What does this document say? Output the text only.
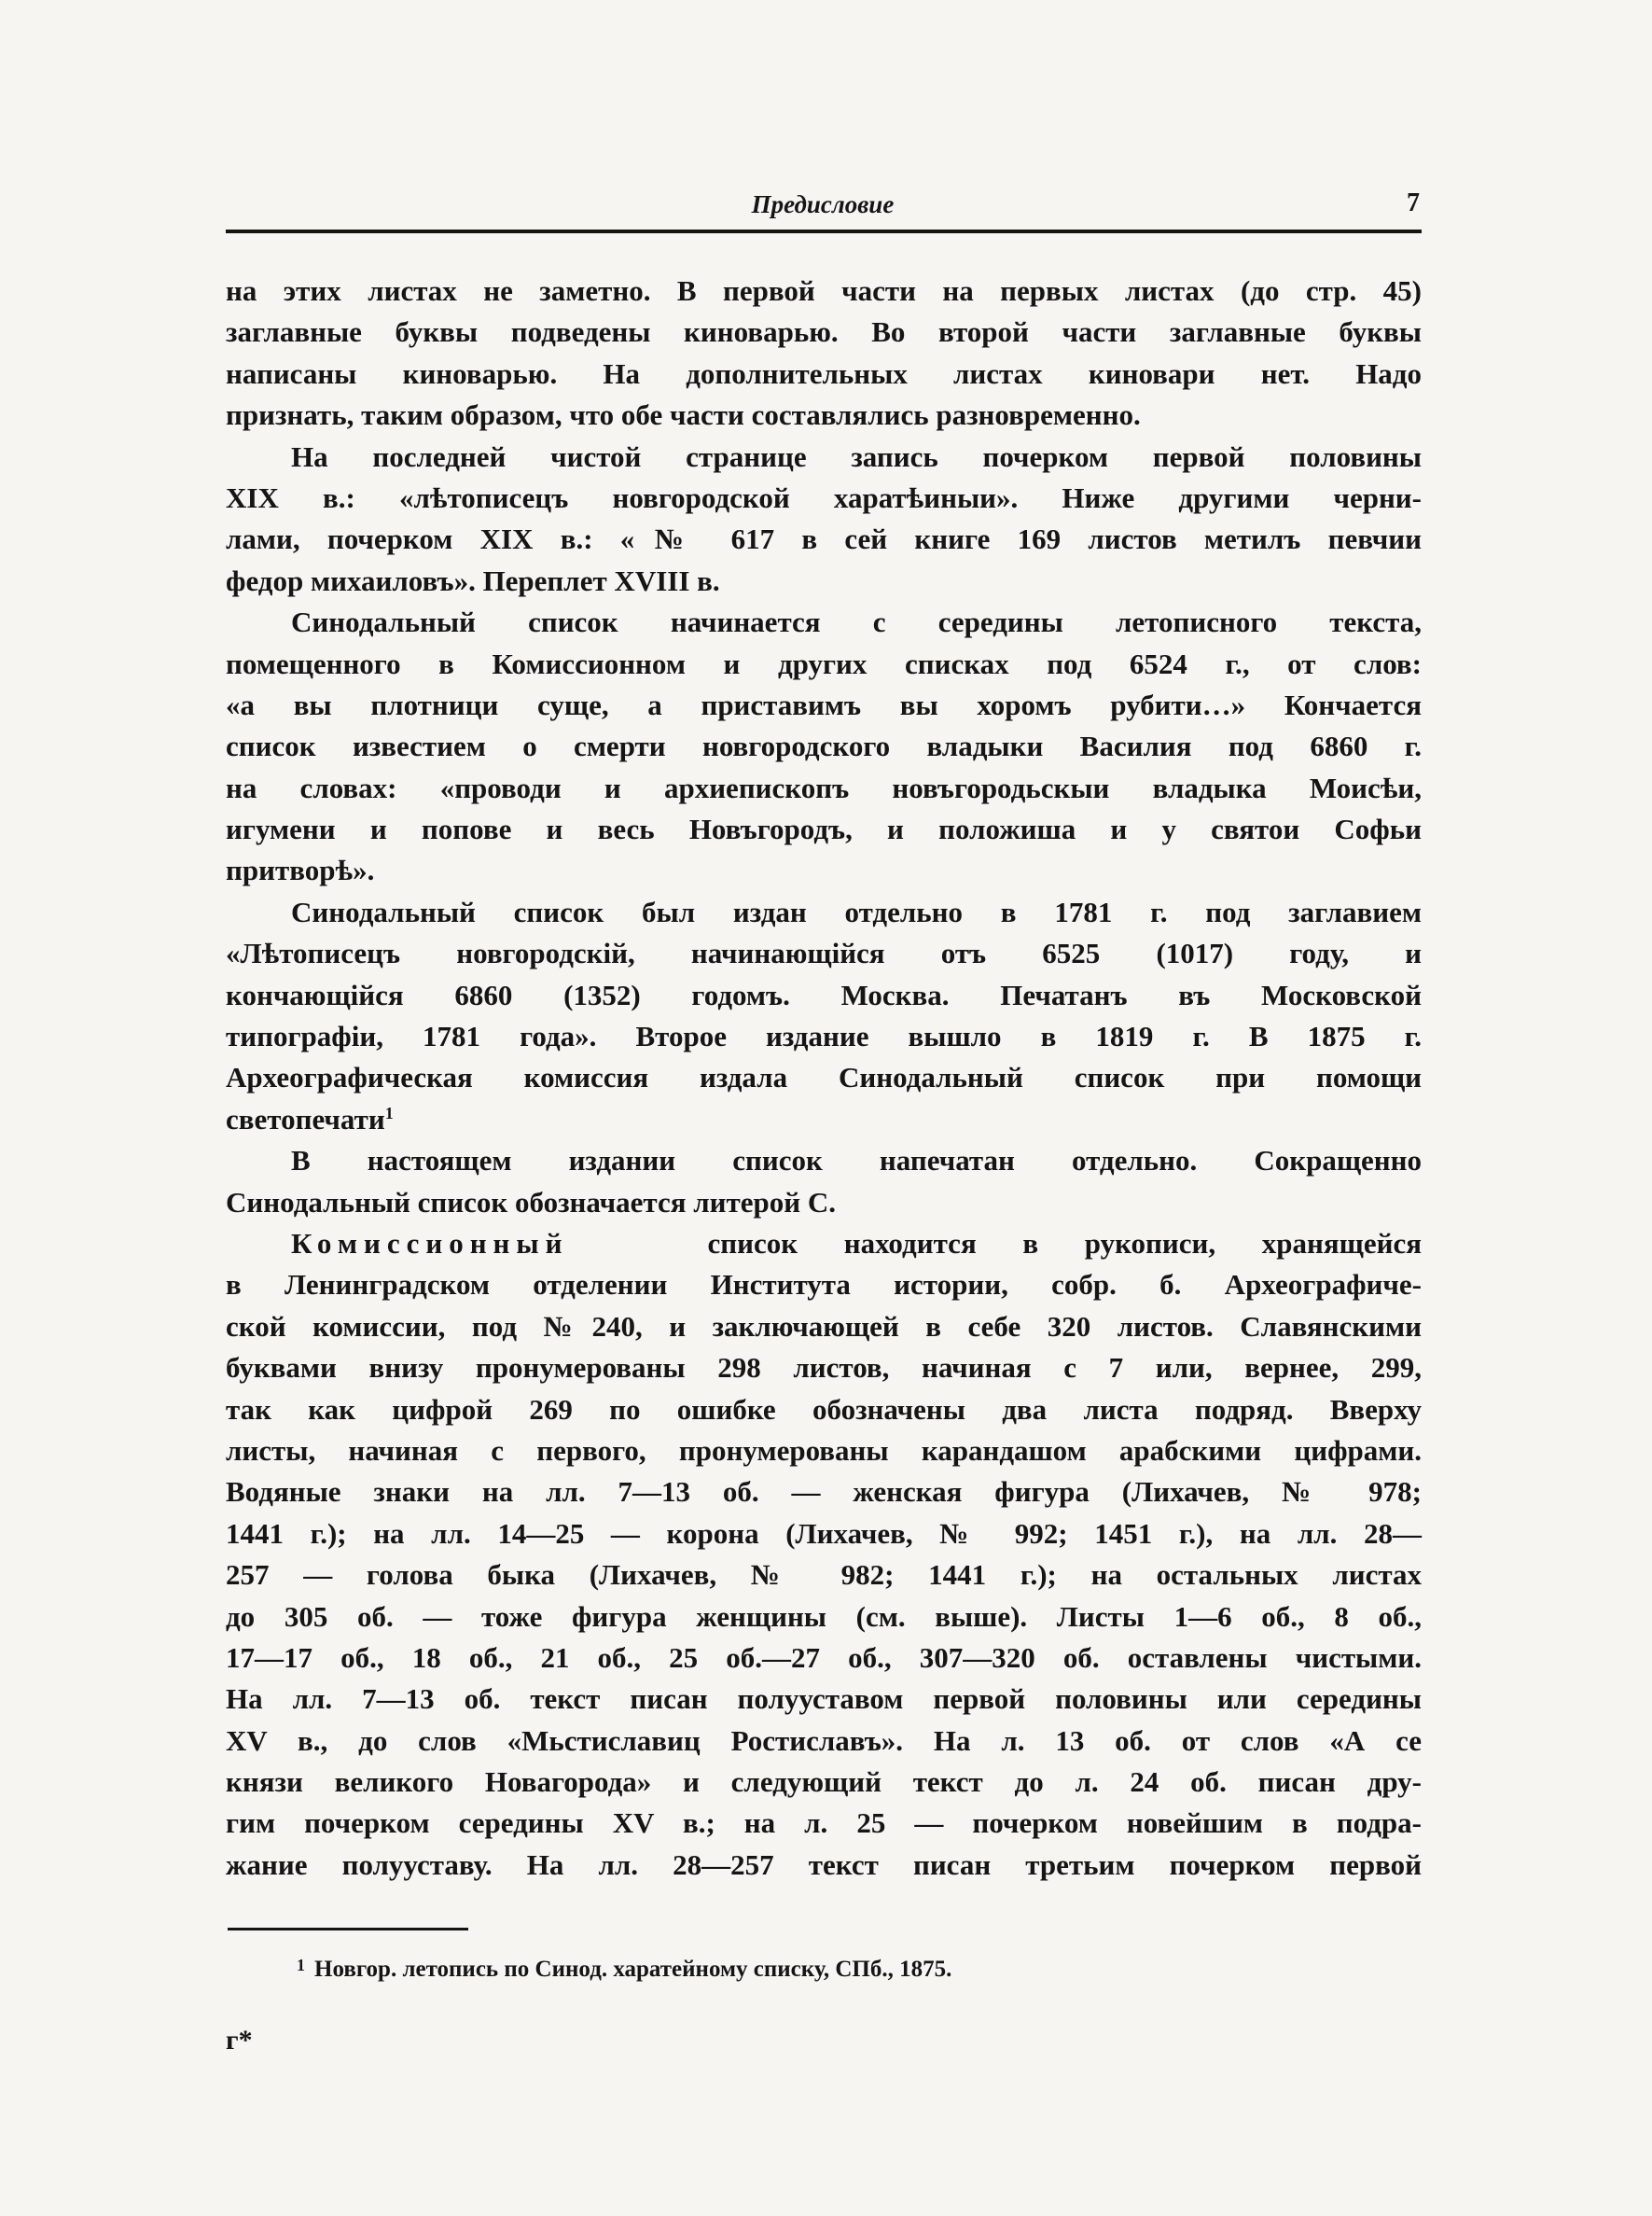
Предисловие	7
на этих листах не заметно. В первой части на первых листах (до стр. 45)
заглавные буквы подведены киноварью. Во второй части заглавные буквы
написаны киноварью. На дополнительных листах киновари нет. Надо
признать, таким образом, что обе части составлялись разновременно.
На последней чистой странице запись почерком первой половины
XIX в.: «лѣтописецъ новгородской харатѣиныи». Ниже другими черни-
лами, почерком XIX в.: «№ 617 в сей книге 169 листов метилъ певчии
федор михаиловъ». Переплет XVIII в.
Синодальный список начинается с середины летописного текста,
помещенного в Комиссионном и других списках под 6524 г., от слов:
«а вы плотници суще, а приставимъ вы хоромъ рубити…» Кончается
список известием о смерти новгородского владыки Василия под 6860 г.
на словах: «проводи и архиепископъ новъгородьскыи владыка Моисѣи,
игумени и попове и весь Новъгородъ, и положиша и у святои Софьи
притворѣ».
Синодальный список был издан отдельно в 1781 г. под заглавием
«Лѣтописецъ новгородскій, начинающійся отъ 6525 (1017) году, и
кончающійся 6860 (1352) годомъ. Москва. Печатанъ въ Московской
типографіи, 1781 года». Второе издание вышло в 1819 г. В 1875 г.
Археографическая комиссия издала Синодальный список при помощи
светопечати$^1$
В настоящем издании список напечатан отдельно. Сокращенно
Синодальный список обозначается литерой С.
Комиссионный	список находится в рукописи, хранящейся
в Ленинградском отделении Института истории, собр. б. Археографиче-
ской комиссии, под №240, и заключающей в себе 320 листов. Славянскими
буквами внизу пронумерованы 298 листов, начиная с 7 или, вернее, 299,
так как цифрой 269 по ошибке обозначены два листа подряд. Вверху
листы, начиная с первого, пронумерованы карандашом арабскими цифрами.
Водяные знаки на лл. 7—13 об. — женская фигура (Лихачев, № 978;
1441 г.); на лл. 14—25 — корона (Лихачев, № 992; 1451 г.), на лл. 28—
257 — голова быка (Лихачев, № 982; 1441 г.); на остальных листах
до 305 об. — тоже фигура женщины (см. выше). Листы 1—6 об., 8 об.,
17—17 об., 18 об., 21 об., 25 об.—27 об., 307—320 об. оставлены чистыми.
На лл. 7—13 об. текст писан полууставом первой половины или середины
XV в., до слов «Мьстиславиц Ростиславъ». На л. 13 об. от слов «А се
князи великого Новагорода» и следующий текст до л. 24 об. писан дру-
гим почерком середины XV в.; на л. 25 — почерком новейшим в подра-
жание полууставу. На лл. 28—257 текст писан третьим почерком первой
$^1$ Новгор. летопись по Синод. харатейному списку, СПб., 1875.
г*
